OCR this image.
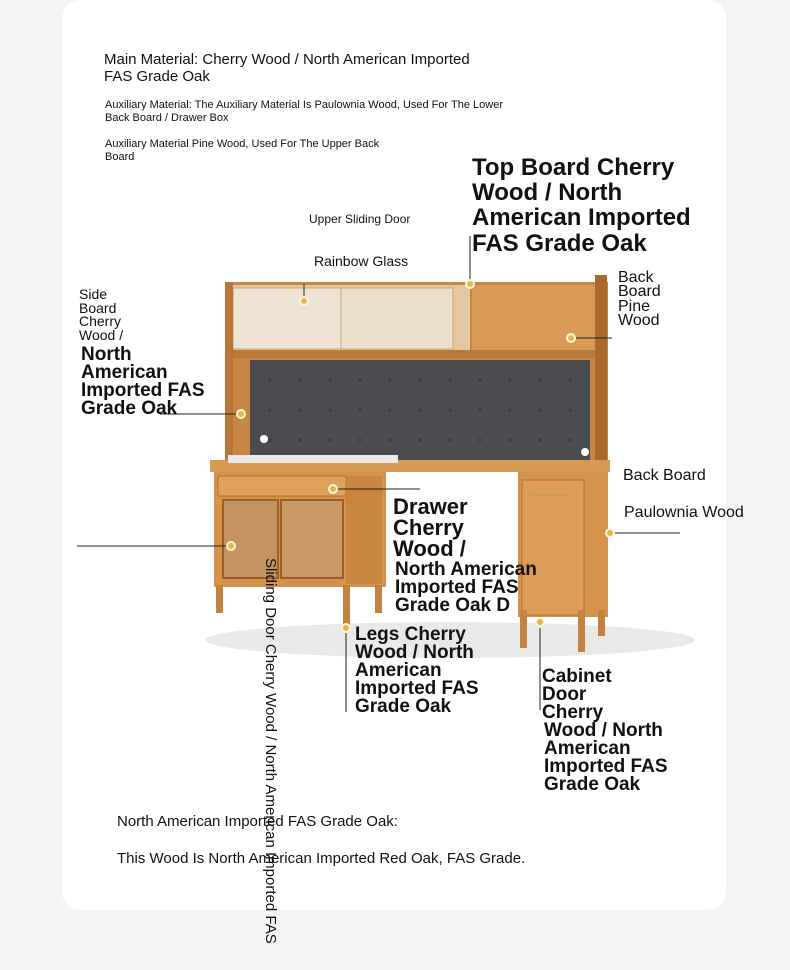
Main Material: Cherry Wood / North American Imported FAS Grade Oak
Auxiliary Material: The Auxiliary Material Is Paulownia Wood, Used For The Lower Back Board / Drawer Box
Auxiliary Material Pine Wood, Used For The Upper Back Board
Upper Sliding Door
Rainbow Glass
Top Board Cherry Wood / North American Imported FAS Grade Oak
Back Board Pine Wood
Side Board Cherry Wood /
North American Imported FAS Grade Oak
Back Board
Paulownia Wood
Drawer Cherry Wood /
North American Imported FAS Grade Oak D
Legs Cherry Wood / North American Imported FAS Grade Oak
Cabinet Door Cherry
Wood / North American Imported FAS Grade Oak
North American Imported FAS Grade Oak:
This Wood Is North American Imported Red Oak, FAS Grade.
Sliding Door Cherry Wood / North American Imported FAS
